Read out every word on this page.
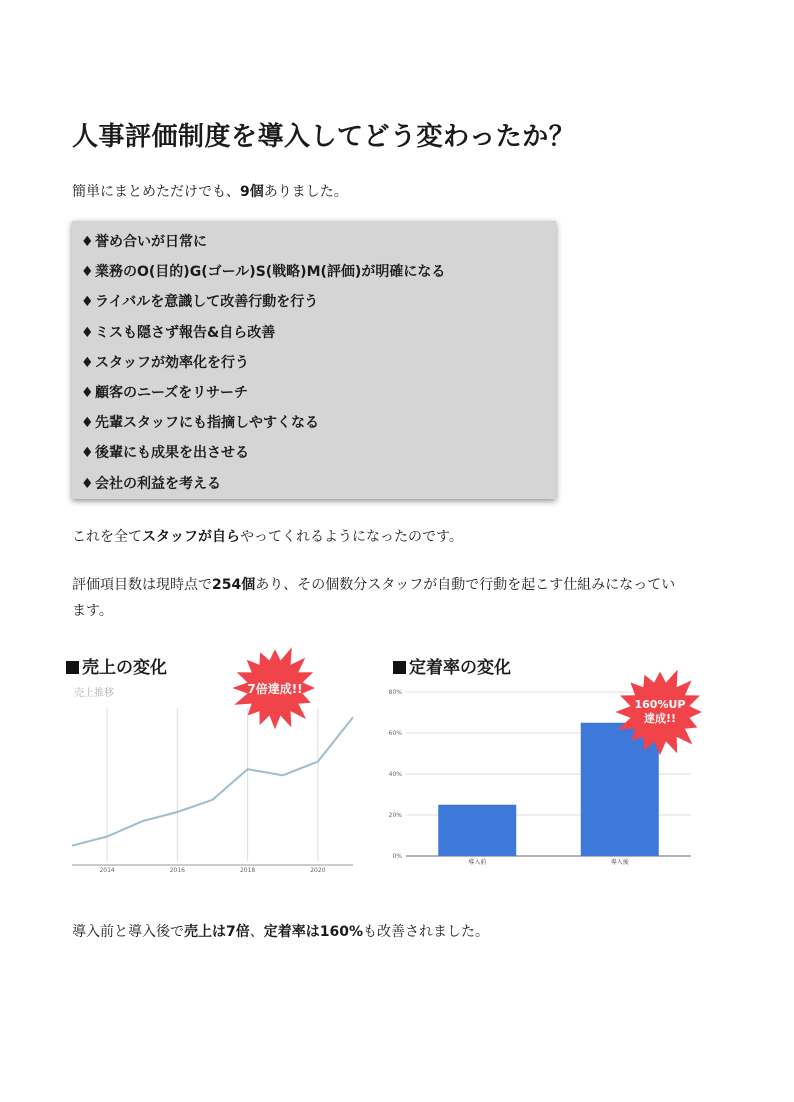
人事評価制度を導入してどう変わったか？
簡単にまとめただけでも、9個ありました。
♦誉め合いが日常に
♦業務のO(目的)G(ゴール)S(戦略)M(評価)が明確になる
♦ライバルを意識して改善行動を行う
♦ミスも隠さず報告&自ら改善
♦スタッフが効率化を行う
♦顧客のニーズをリサーチ
♦先輩スタッフにも指摘しやすくなる
♦後輩にも成果を出させる
♦会社の利益を考える
これを全てスタッフが自らやってくれるようになったのです。
評価項目数は現時点で254個あり、その個数分スタッフが自動で行動を起こす仕組みになってい
ます。
売上の変化
売上推移
2014	2016	2018	2020
7倍達成!!
定着率の変化
0%
20%
40%
60%
80%
導入前	導入後
160%UP
達成!!
導入前と導入後で売上は7倍、定着率は160%も改善されました。
